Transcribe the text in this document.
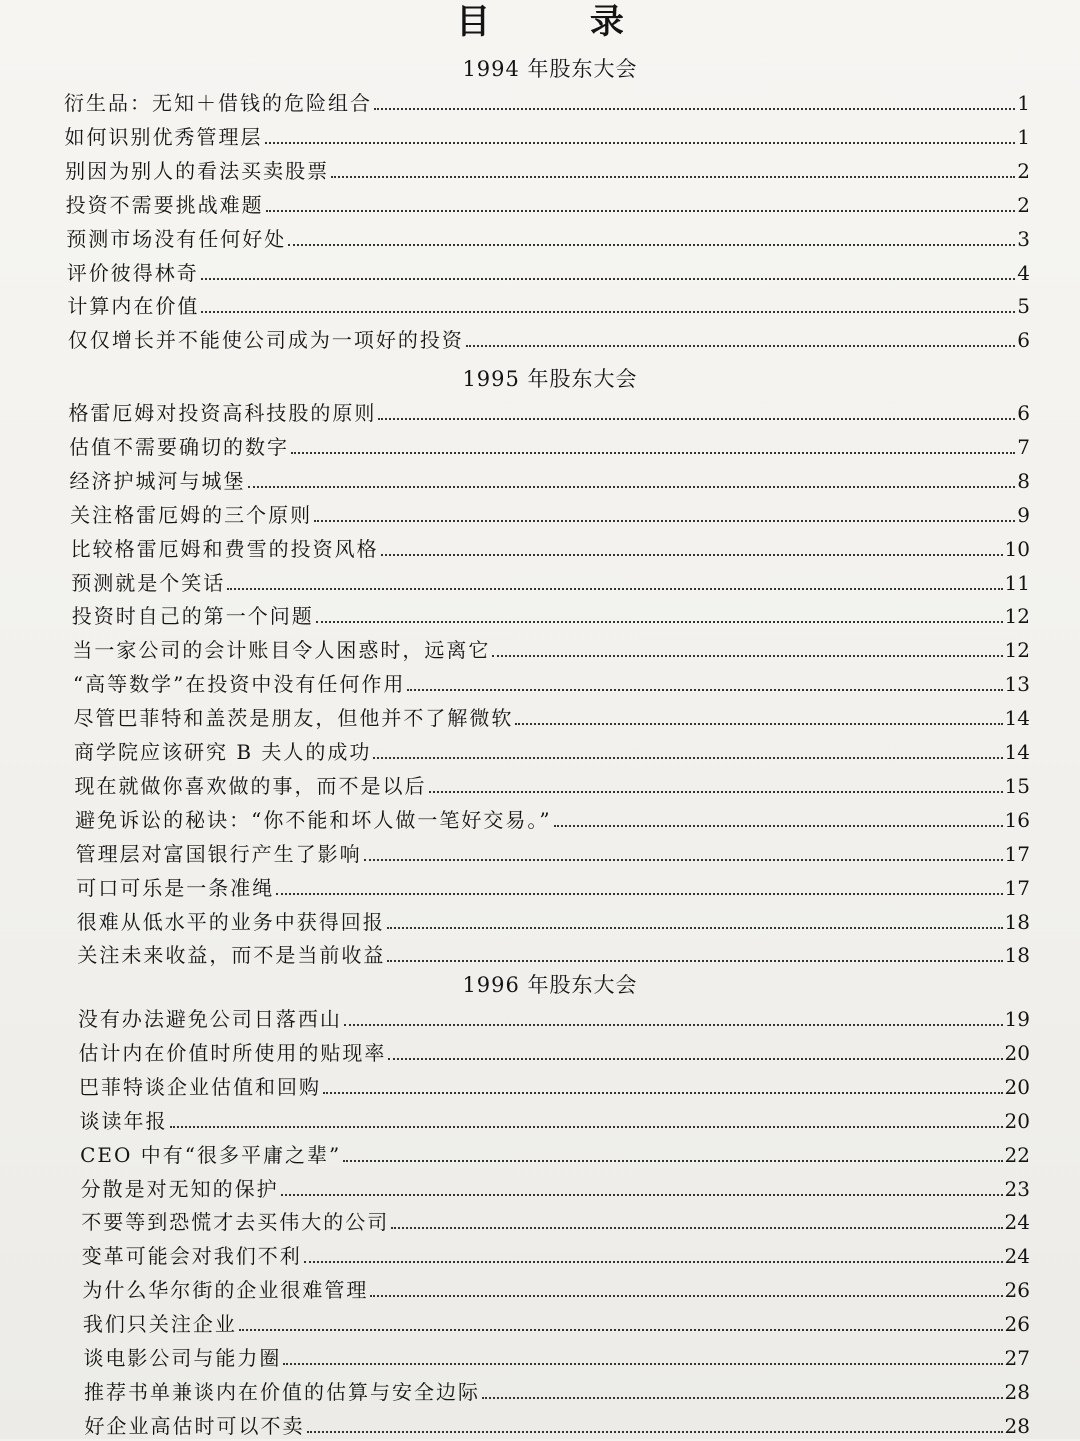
目 录
1994 年股东大会
衍生品：无知＋借钱的危险组合	1
如何识别优秀管理层	1
别因为别人的看法买卖股票	2
投资不需要挑战难题	2
预测市场没有任何好处	3
评价彼得林奇	4
计算内在价值	5
仅仅增长并不能使公司成为一项好的投资	6
1995 年股东大会
格雷厄姆对投资高科技股的原则	6
估值不需要确切的数字	7
经济护城河与城堡	8
关注格雷厄姆的三个原则	9
比较格雷厄姆和费雪的投资风格	10
预测就是个笑话	11
投资时自己的第一个问题	12
当一家公司的会计账目令人困惑时，远离它	12
“高等数学”在投资中没有任何作用	13
尽管巴菲特和盖茨是朋友，但他并不了解微软	14
商学院应该研究 B 夫人的成功	14
现在就做你喜欢做的事，而不是以后	15
避免诉讼的秘诀：“你不能和坏人做一笔好交易。”	16
管理层对富国银行产生了影响	17
可口可乐是一条准绳	17
很难从低水平的业务中获得回报	18
关注未来收益，而不是当前收益	18
1996 年股东大会
没有办法避免公司日落西山	19
估计内在价值时所使用的贴现率	20
巴菲特谈企业估值和回购	20
谈读年报	20
CEO 中有“很多平庸之辈”	22
分散是对无知的保护	23
不要等到恐慌才去买伟大的公司	24
变革可能会对我们不利	24
为什么华尔街的企业很难管理	26
我们只关注企业	26
谈电影公司与能力圈	27
推荐书单兼谈内在价值的估算与安全边际	28
好企业高估时可以不卖	28
